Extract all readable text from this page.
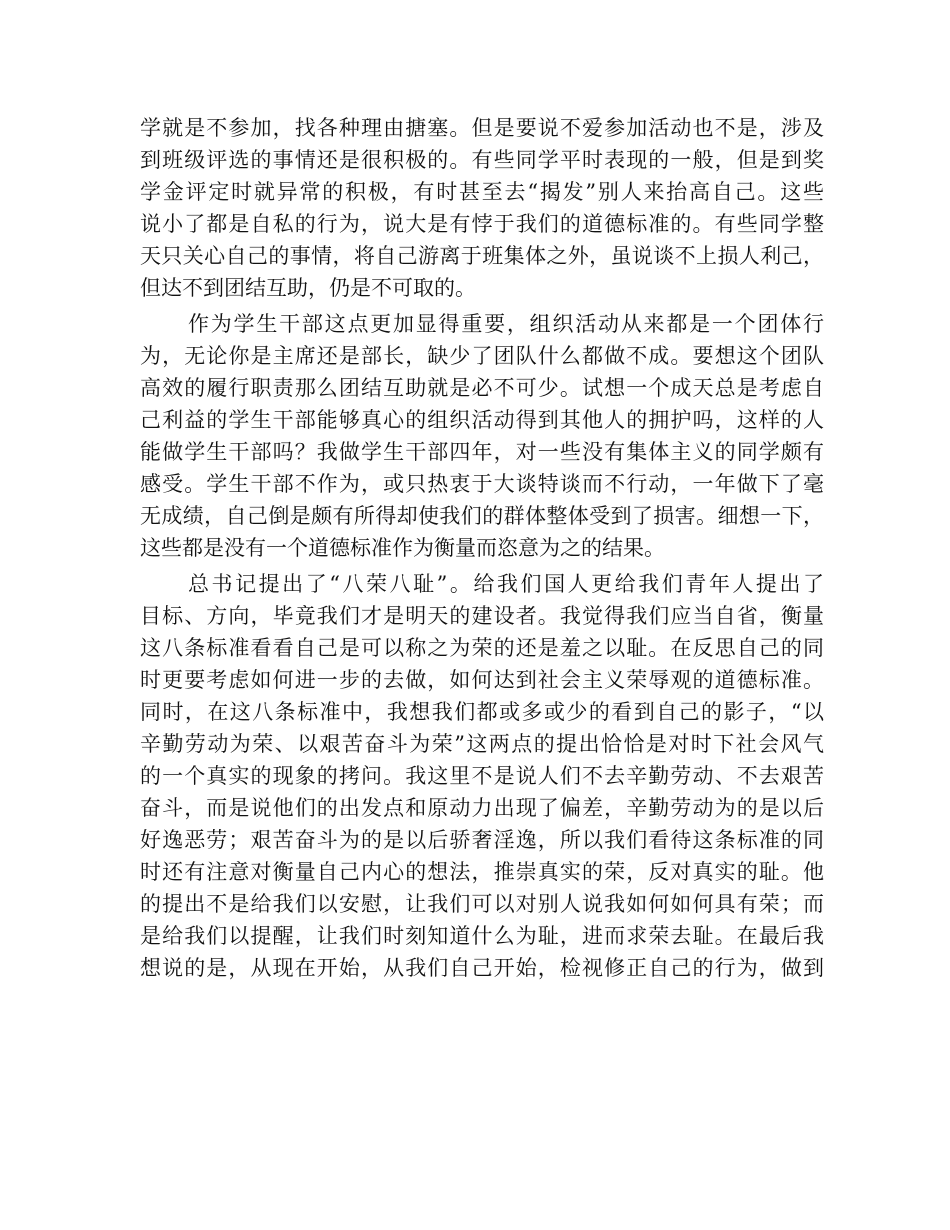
学就是不参加，找各种理由搪塞。但是要说不爱参加活动也不是，涉及
到班级评选的事情还是很积极的。有些同学平时表现的一般，但是到奖
学金评定时就异常的积极，有时甚至去“揭发”别人来抬高自己。这些
说小了都是自私的行为，说大是有悖于我们的道德标准的。有些同学整
天只关心自己的事情，将自己游离于班集体之外，虽说谈不上损人利己，
但达不到团结互助，仍是不可取的。
作为学生干部这点更加显得重要，组织活动从来都是一个团体行
为，无论你是主席还是部长，缺少了团队什么都做不成。要想这个团队
高效的履行职责那么团结互助就是必不可少。试想一个成天总是考虑自
己利益的学生干部能够真心的组织活动得到其他人的拥护吗，这样的人
能做学生干部吗？我做学生干部四年，对一些没有集体主义的同学颇有
感受。学生干部不作为，或只热衷于大谈特谈而不行动，一年做下了毫
无成绩，自己倒是颇有所得却使我们的群体整体受到了损害。细想一下，
这些都是没有一个道德标准作为衡量而恣意为之的结果。
总书记提出了“八荣八耻”。给我们国人更给我们青年人提出了
目标、方向，毕竟我们才是明天的建设者。我觉得我们应当自省，衡量
这八条标准看看自己是可以称之为荣的还是羞之以耻。在反思自己的同
时更要考虑如何进一步的去做，如何达到社会主义荣辱观的道德标准。
同时，在这八条标准中，我想我们都或多或少的看到自己的影子，“以
辛勤劳动为荣、以艰苦奋斗为荣”这两点的提出恰恰是对时下社会风气
的一个真实的现象的拷问。我这里不是说人们不去辛勤劳动、不去艰苦
奋斗，而是说他们的出发点和原动力出现了偏差，辛勤劳动为的是以后
好逸恶劳；艰苦奋斗为的是以后骄奢淫逸，所以我们看待这条标准的同
时还有注意对衡量自己内心的想法，推崇真实的荣，反对真实的耻。他
的提出不是给我们以安慰，让我们可以对别人说我如何如何具有荣；而
是给我们以提醒，让我们时刻知道什么为耻，进而求荣去耻。在最后我
想说的是，从现在开始，从我们自己开始，检视修正自己的行为，做到
